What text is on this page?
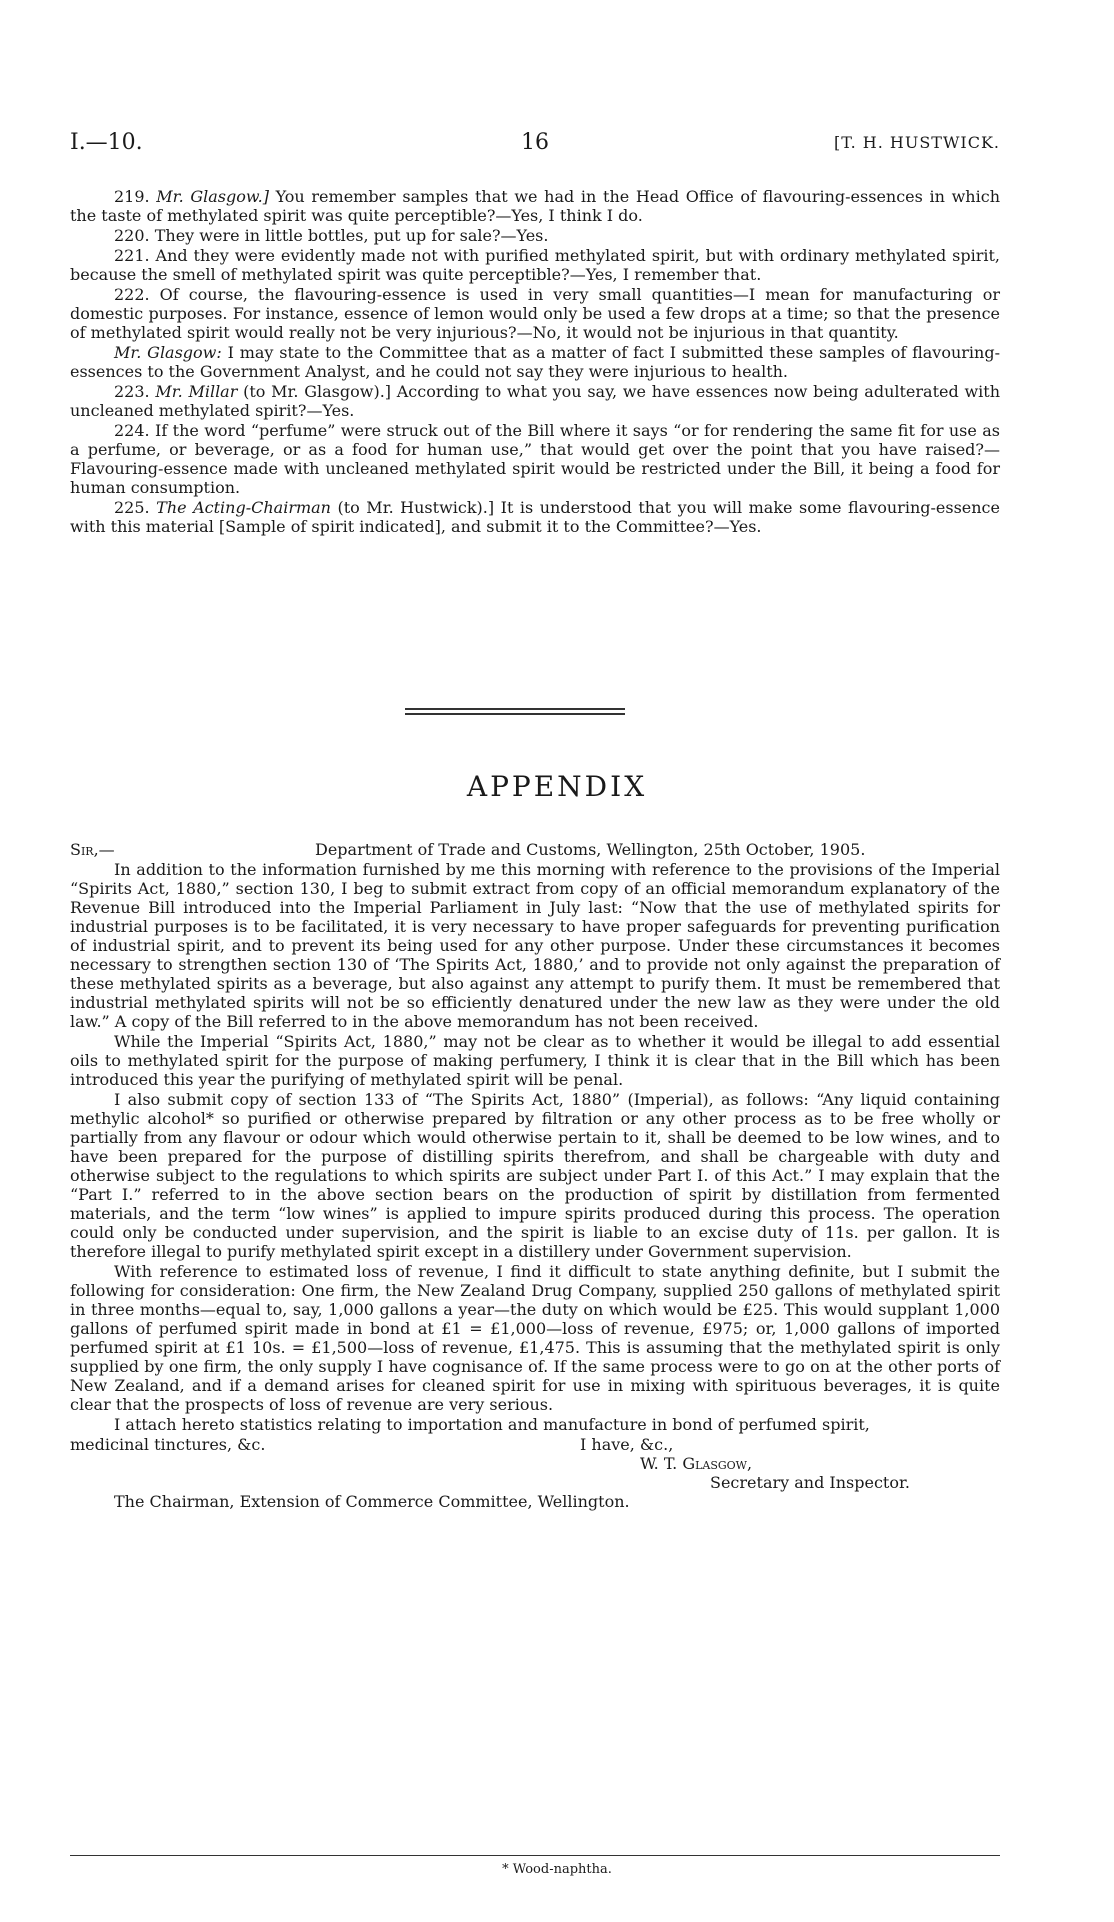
I.—10.	16	[T. H. HUSTWICK.

219. Mr. Glasgow.] You remember samples that we had in the Head Office of flavouring-essences in which the taste of methylated spirit was quite perceptible?—Yes, I think I do.

220. They were in little bottles, put up for sale?—Yes.

221. And they were evidently made not with purified methylated spirit, but with ordinary methylated spirit, because the smell of methylated spirit was quite perceptible?—Yes, I remember that.

222. Of course, the flavouring-essence is used in very small quantities—I mean for manufacturing or domestic purposes. For instance, essence of lemon would only be used a few drops at a time; so that the presence of methylated spirit would really not be very injurious?—No, it would not be injurious in that quantity.

Mr. Glasgow: I may state to the Committee that as a matter of fact I submitted these samples of flavouring-essences to the Government Analyst, and he could not say they were injurious to health.

223. Mr. Millar (to Mr. Glasgow).] According to what you say, we have essences now being adulterated with uncleaned methylated spirit?—Yes.

224. If the word “perfume” were struck out of the Bill where it says “or for rendering the same fit for use as a perfume, or beverage, or as a food for human use,” that would get over the point that you have raised?—Flavouring-essence made with uncleaned methylated spirit would be restricted under the Bill, it being a food for human consumption.

225. The Acting-Chairman (to Mr. Hustwick).] It is understood that you will make some flavouring-essence with this material [Sample of spirit indicated], and submit it to the Committee?—Yes.

APPENDIX
Sir,—	Department of Trade and Customs, Wellington, 25th October, 1905.

In addition to the information furnished by me this morning with reference to the provisions of the Imperial “Spirits Act, 1880,” section 130, I beg to submit extract from copy of an official memorandum explanatory of the Revenue Bill introduced into the Imperial Parliament in July last: “Now that the use of methylated spirits for industrial purposes is to be facilitated, it is very necessary to have proper safeguards for preventing purification of industrial spirit, and to prevent its being used for any other purpose. Under these circumstances it becomes necessary to strengthen section 130 of ‘The Spirits Act, 1880,’ and to provide not only against the preparation of these methylated spirits as a beverage, but also against any attempt to purify them. It must be remembered that industrial methylated spirits will not be so efficiently denatured under the new law as they were under the old law.” A copy of the Bill referred to in the above memorandum has not been received.

While the Imperial “Spirits Act, 1880,” may not be clear as to whether it would be illegal to add essential oils to methylated spirit for the purpose of making perfumery, I think it is clear that in the Bill which has been introduced this year the purifying of methylated spirit will be penal.

I also submit copy of section 133 of “The Spirits Act, 1880” (Imperial), as follows: “Any liquid containing methylic alcohol* so purified or otherwise prepared by filtration or any other process as to be free wholly or partially from any flavour or odour which would otherwise pertain to it, shall be deemed to be low wines, and to have been prepared for the purpose of distilling spirits therefrom, and shall be chargeable with duty and otherwise subject to the regulations to which spirits are subject under Part I. of this Act.” I may explain that the “Part I.” referred to in the above section bears on the production of spirit by distillation from fermented materials, and the term “low wines” is applied to impure spirits produced during this process. The operation could only be conducted under supervision, and the spirit is liable to an excise duty of 11s. per gallon. It is therefore illegal to purify methylated spirit except in a distillery under Government supervision.

With reference to estimated loss of revenue, I find it difficult to state anything definite, but I submit the following for consideration: One firm, the New Zealand Drug Company, supplied 250 gallons of methylated spirit in three months—equal to, say, 1,000 gallons a year—the duty on which would be £25. This would supplant 1,000 gallons of perfumed spirit made in bond at £1 = £1,000—loss of revenue, £975; or, 1,000 gallons of imported perfumed spirit at £1 10s. = £1,500—loss of revenue, £1,475. This is assuming that the methylated spirit is only supplied by one firm, the only supply I have cognisance of. If the same process were to go on at the other ports of New Zealand, and if a demand arises for cleaned spirit for use in mixing with spirituous beverages, it is quite clear that the prospects of loss of revenue are very serious.

I attach hereto statistics relating to importation and manufacture in bond of perfumed spirit,

medicinal tinctures, &c.	I have, &c.,
W. T. Glasgow,
Secretary and Inspector.
The Chairman, Extension of Commerce Committee, Wellington.
* Wood-naphtha.
